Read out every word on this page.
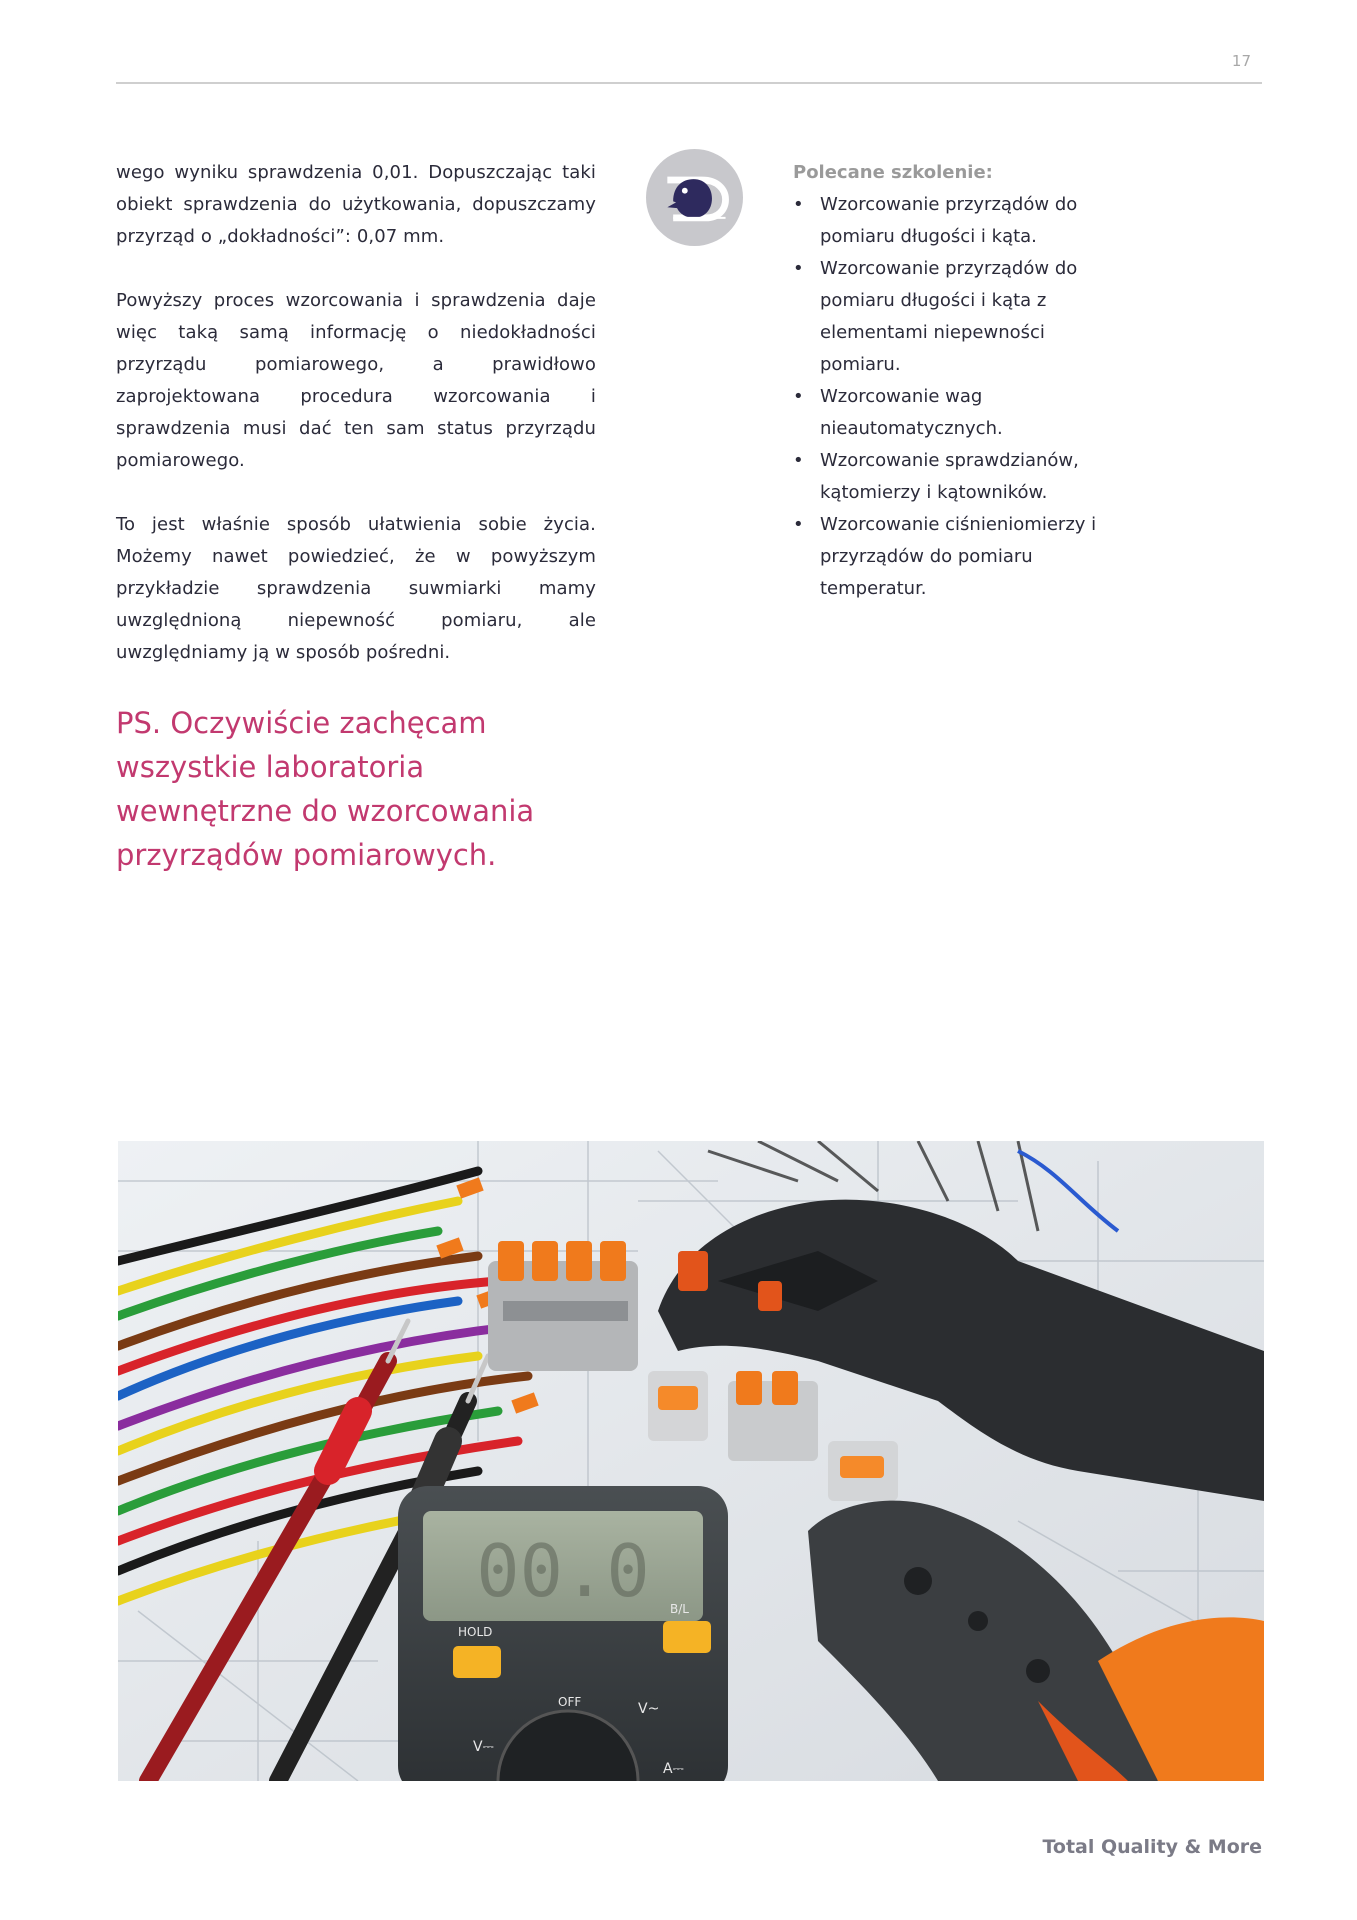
17

wego wyniku sprawdzenia 0,01. Dopuszczając taki obiekt sprawdzenia do użytkowania, dopuszczamy przyrząd o „dokładności”: 0,07 mm.

Powyższy proces wzorcowania i sprawdzenia daje więc taką samą informację o niedokładności przyrządu pomiarowego, a prawidłowo zaprojektowana procedura wzorcowania i sprawdzenia musi dać ten sam status przyrządu pomiarowego.

To jest właśnie sposób ułatwienia sobie życia. Możemy nawet powiedzieć, że w powyższym przykładzie sprawdzenia suwmiarki mamy uwzględnioną niepewność pomiaru, ale uwzględniamy ją w sposób pośredni.

PS. Oczywiście zachęcam wszystkie laboratoria wewnętrzne do wzorcowania przyrządów pomiarowych.

Polecane szkolenie:

• Wzorcowanie przyrządów do pomiaru długości i kąta.
• Wzorcowanie przyrządów do pomiaru długości i kąta z elementami niepewności pomiaru.
• Wzorcowanie wag nieautomatycznych.
• Wzorcowanie sprawdzianów, kątomierzy i kątowników.
• Wzorcowanie ciśnieniomierzy i przyrządów do pomiaru temperatur.
00.0
HOLD
B/L
OFF
V⎓
V~
A⎓
Total Quality & More
